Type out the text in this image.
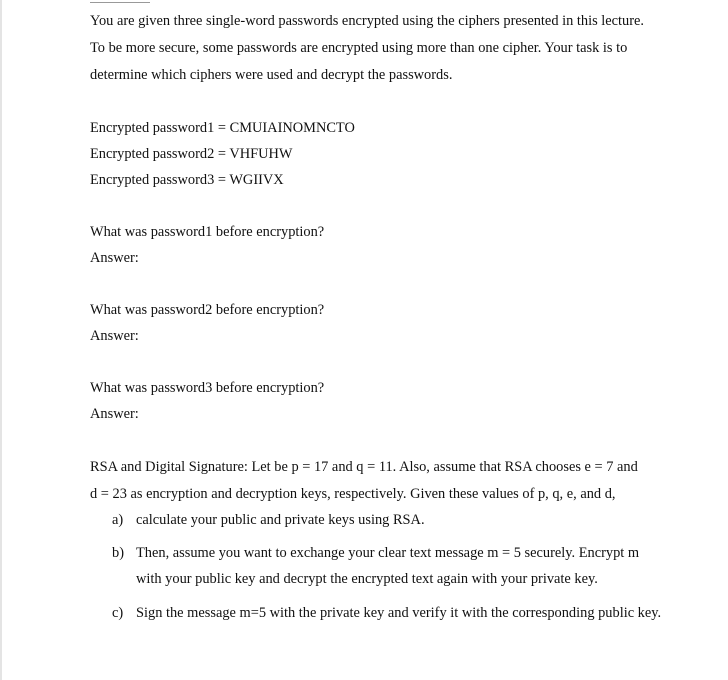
You are given three single-word passwords encrypted using the ciphers presented in this lecture.
To be more secure, some passwords are encrypted using more than one cipher. Your task is to
determine which ciphers were used and decrypt the passwords.
Encrypted password1 = CMUIAINOMNCTO
Encrypted password2 = VHFUHW
Encrypted password3 = WGIIVX
What was password1 before encryption?
Answer:
What was password2 before encryption?
Answer:
What was password3 before encryption?
Answer:
RSA and Digital Signature: Let be p = 17 and q = 11. Also, assume that RSA chooses e = 7 and
d = 23 as encryption and decryption keys, respectively. Given these values of p, q, e, and d,
a) calculate your public and private keys using RSA.
b) Then, assume you want to exchange your clear text message m = 5 securely. Encrypt m
with your public key and decrypt the encrypted text again with your private key.
c) Sign the message m=5 with the private key and verify it with the corresponding public key.
